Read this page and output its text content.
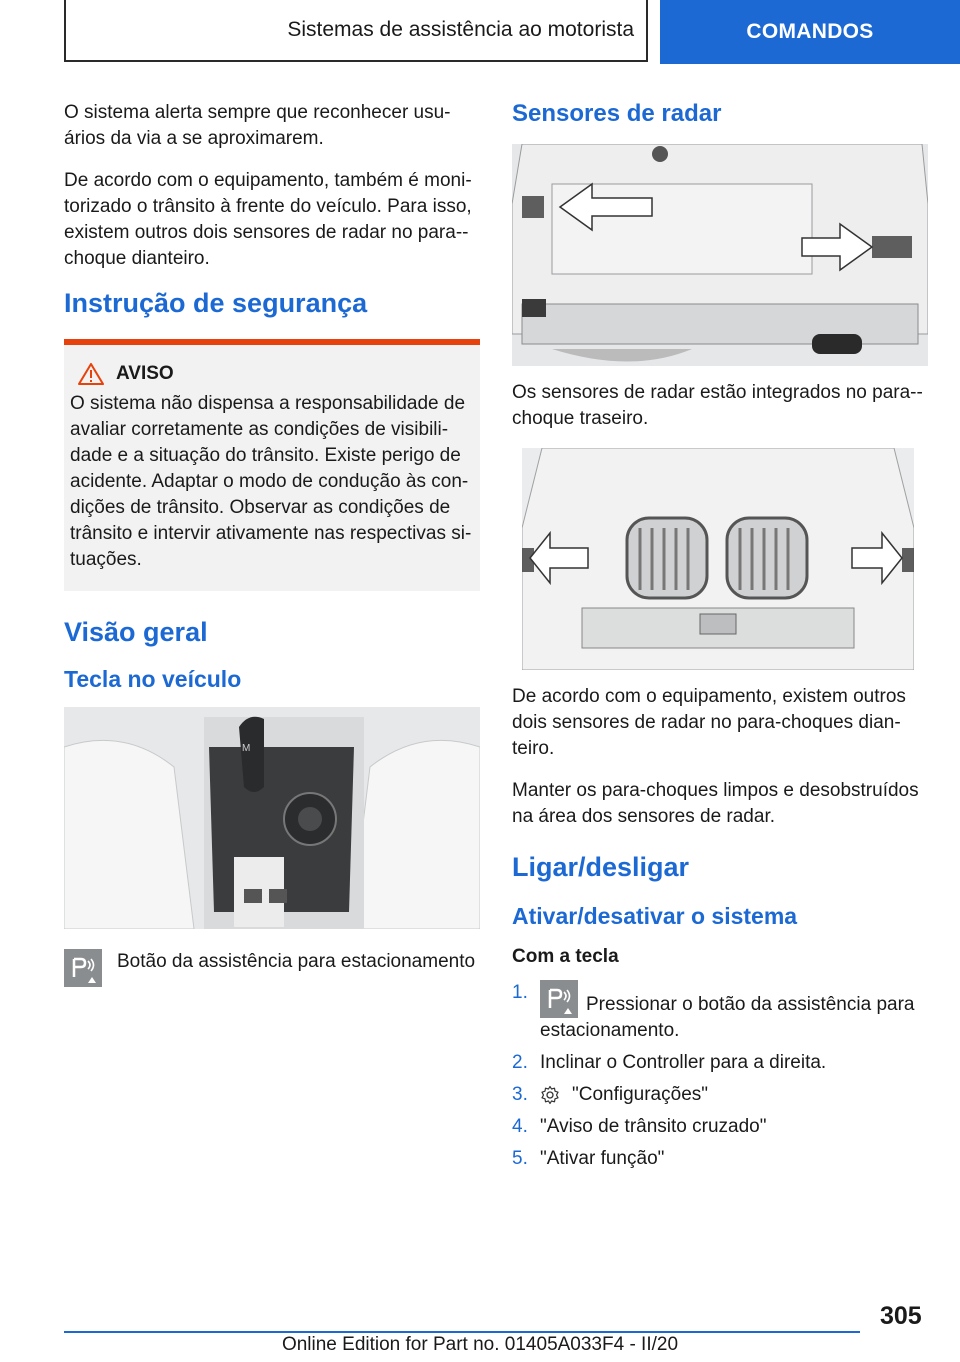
Sistemas de assistência ao motorista	COMANDOS

O sistema alerta sempre que reconhecer usu-ários da via a se aproximarem.

De acordo com o equipamento, também é moni-torizado o trânsito à frente do veículo. Para isso, existem outros dois sensores de radar no para--choque dianteiro.

Instrução de segurança
AVISO
O sistema não dispensa a responsabilidade de avaliar corretamente as condições de visibili-dade e a situação do trânsito. Existe perigo de acidente. Adaptar o modo de condução às con-dições de trânsito. Observar as condições de trânsito e intervir ativamente nas respectivas si-tuações.
Visão geral
Tecla no veículo
M
Botão da assistência para estacionamento
Sensores de radar

Os sensores de radar estão integrados no para--choque traseiro.

De acordo com o equipamento, existem outros dois sensores de radar no para-choques dian-teiro.

Manter os para-choques limpos e desobstruídos na área dos sensores de radar.

Ligar/desligar
Ativar/desativar o sistema
Com a tecla
1.
Pressionar o botão da assistência para estacionamento.
2. Inclinar o Controller para a direita.
3.	"Configurações"
4. "Aviso de trânsito cruzado"
5. "Ativar função"
305
Online Edition for Part no. 01405A033F4 - II/20
